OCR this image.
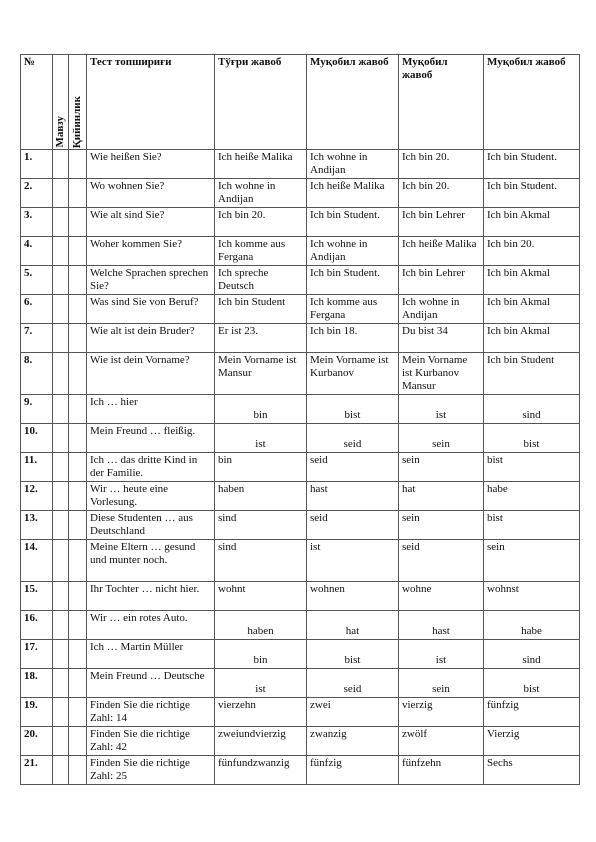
№	Мавзу	Қийинлик	Тест топшириғи	Тўғри жавоб	Муқобил жавоб	Муқобил жавоб	Муқобил жавоб
1.			Wie heißen Sie?	Ich heiße Malika	Ich wohne in Andijan	Ich bin 20.	Ich bin Student.
2.			Wo wohnen Sie?	Ich wohne in Andijan	Ich heiße Malika	Ich bin 20.	Ich bin Student.
3.			Wie alt sind Sie?	Ich bin 20.	Ich bin Student.	Ich bin Lehrer	Ich bin Akmal
4.			Woher kommen Sie?	Ich komme aus Fergana	Ich wohne in Andijan	Ich heiße Malika	Ich bin 20.
5.			Welche Sprachen sprechen Sie?	Ich spreche Deutsch	Ich bin Student.	Ich bin Lehrer	Ich bin Akmal
6.			Was sind Sie von Beruf?	Ich bin Student	Ich komme aus Fergana	Ich wohne in Andijan	Ich bin Akmal
7.			Wie alt ist dein Bruder?	Er ist 23.	Ich bin 18.	Du bist 34	Ich bin Akmal
8.			Wie ist dein Vorname?	Mein Vorname ist Mansur	Mein Vorname ist Kurbanov	Mein Vorname ist Kurbanov Mansur	Ich bin Student
9.			Ich … hier	bin	bist	ist	sind

10.			Mein Freund … fleißig.	ist	seid	sein	bist

11.			Ich … das dritte Kind in der Familie.	bin	seid	sein	bist
12.			Wir … heute eine Vorlesung.	haben	hast	hat	habe
13.			Diese Studenten … aus Deutschland	sind	seid	sein	bist
14.			Meine Eltern … gesund und munter noch.	sind	ist	seid	sein
15.			Ihr Tochter … nicht hier.	wohnt	wohnen	wohne	wohnst
16.			Wir … ein rotes Auto.	haben	hat	hast	habe

17.			Ich … Martin Müller	bin	bist	ist	sind

18.			Mein Freund … Deutsche	ist	seid	sein	bist

19.			Finden Sie die richtige Zahl: 14	vierzehn	zwei	vierzig	fünfzig
20.			Finden Sie die richtige Zahl: 42	zweiundvierzig	zwanzig	zwölf	Vierzig
21.			Finden Sie die richtige Zahl: 25	fünfundzwanzig	fünfzig	fünfzehn	Sechs
